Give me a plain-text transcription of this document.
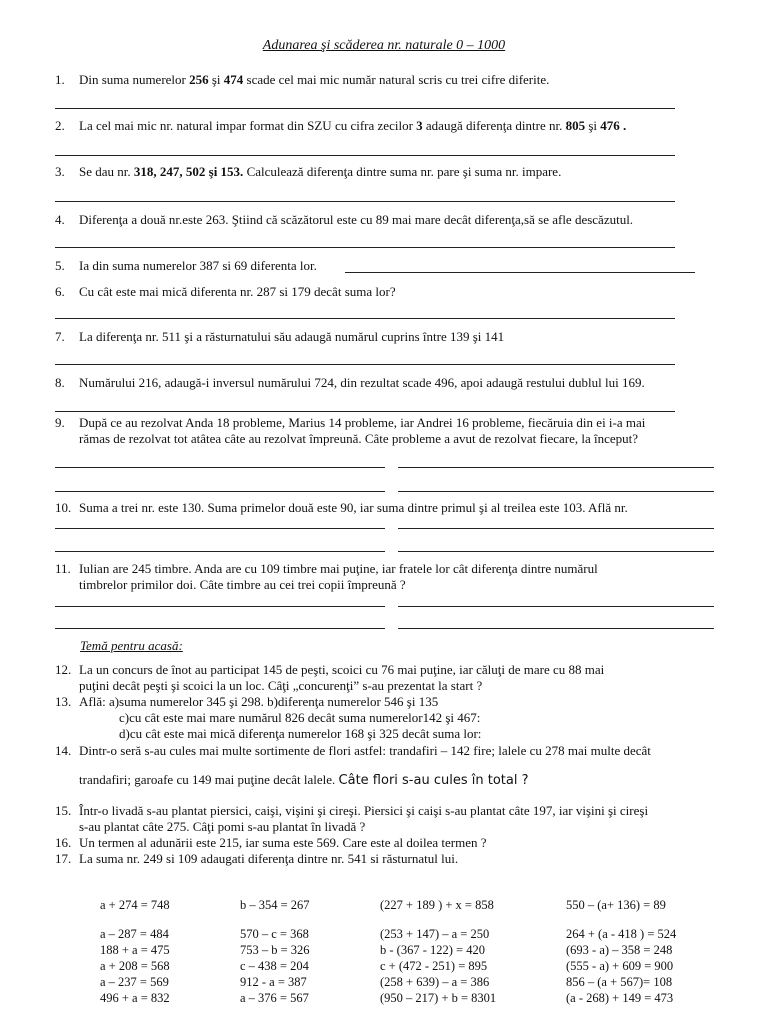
Adunarea şi scăderea nr. naturale 0 – 1000
1. Din suma numerelor 256 şi 474 scade cel mai mic număr natural scris cu trei cifre diferite.
2. La cel mai mic nr. natural impar format din SZU cu cifra zecilor 3 adaugă diferenţa dintre nr. 805 şi 476 .
3. Se dau nr. 318, 247, 502 şi 153. Calculează diferenţa dintre suma nr. pare şi suma nr. impare.
4. Diferenţa a două nr.este 263. Ştiind că scăzătorul este cu 89 mai mare decât diferenţa,să se afle descăzutul.
5. Ia din suma numerelor 387 si 69 diferenta lor.
6. Cu cât este mai mică diferenta nr. 287 si 179 decât suma lor?
7. La diferenţa nr. 511 şi a răsturnatului său adaugă numărul cuprins între 139 şi 141
8. Numărului 216, adaugă-i inversul numărului 724, din rezultat scade 496, apoi adaugă restului dublul lui 169.
9. După ce au rezolvat Anda 18 probleme, Marius 14 probleme, iar Andrei 16 probleme, fiecăruia din ei i-a mai
rămas de rezolvat tot atâtea câte au rezolvat împreună. Câte probleme a avut de rezolvat fiecare, la început?
10. Suma a trei nr. este 130. Suma primelor două este 90, iar suma dintre primul şi al treilea este 103. Află nr.
11. Iulian are 245 timbre. Anda are cu 109 timbre mai puţine, iar fratele lor cât diferenţa dintre numărul
timbrelor primilor doi. Câte timbre au cei trei copii împreună ?
Temă pentru acasă:
12. La un concurs de înot au participat 145 de peşti, scoici cu 76 mai puţine, iar căluţi de mare cu 88 mai
puţini decât peşti şi scoici la un loc. Câţi „concurenţi” s-au prezentat la start ?
13. Află: a)suma numerelor 345 şi 298. b)diferenţa numerelor 546 şi 135
c)cu cât este mai mare numărul 826 decât suma numerelor142 şi 467:
d)cu cât este mai mică diferenţa numerelor 168 şi 325 decât suma lor:
14. Dintr-o seră s-au cules mai multe sortimente de flori astfel: trandafiri – 142 fire; lalele cu 278 mai multe decât
trandafiri; garoafe cu 149 mai puţine decât lalele. Câte flori s-au cules în total ?
15. Într-o livadă s-au plantat piersici, caişi, vişini şi cireşi. Piersici şi caişi s-au plantat câte 197, iar vişini şi cireşi
s-au plantat câte 275. Câţi pomi s-au plantat în livadă ?
16. Un termen al adunării este 215, iar suma este 569. Care este al doilea termen ?
17. La suma nr. 249 si 109 adaugati diferenţa dintre nr. 541 si răsturnatul lui.
a + 274 = 748	b – 354 = 267	(227 + 189 ) + x = 858	550 – (a+ 136) = 89
a – 287 = 484	570 – c = 368	(253 + 147) – a = 250	264 + (a - 418 ) = 524
188 + a = 475	753 – b = 326	b - (367 - 122) = 420	(693 - a) – 358 = 248
a + 208 = 568	c – 438 = 204	c + (472 - 251) = 895	(555 - a) + 609 = 900
a – 237 = 569	912 - a = 387	(258 + 639) – a = 386	856 – (a + 567)= 108
496 + a = 832	a – 376 = 567	(950 – 217) + b = 8301	(a - 268) + 149 = 473
